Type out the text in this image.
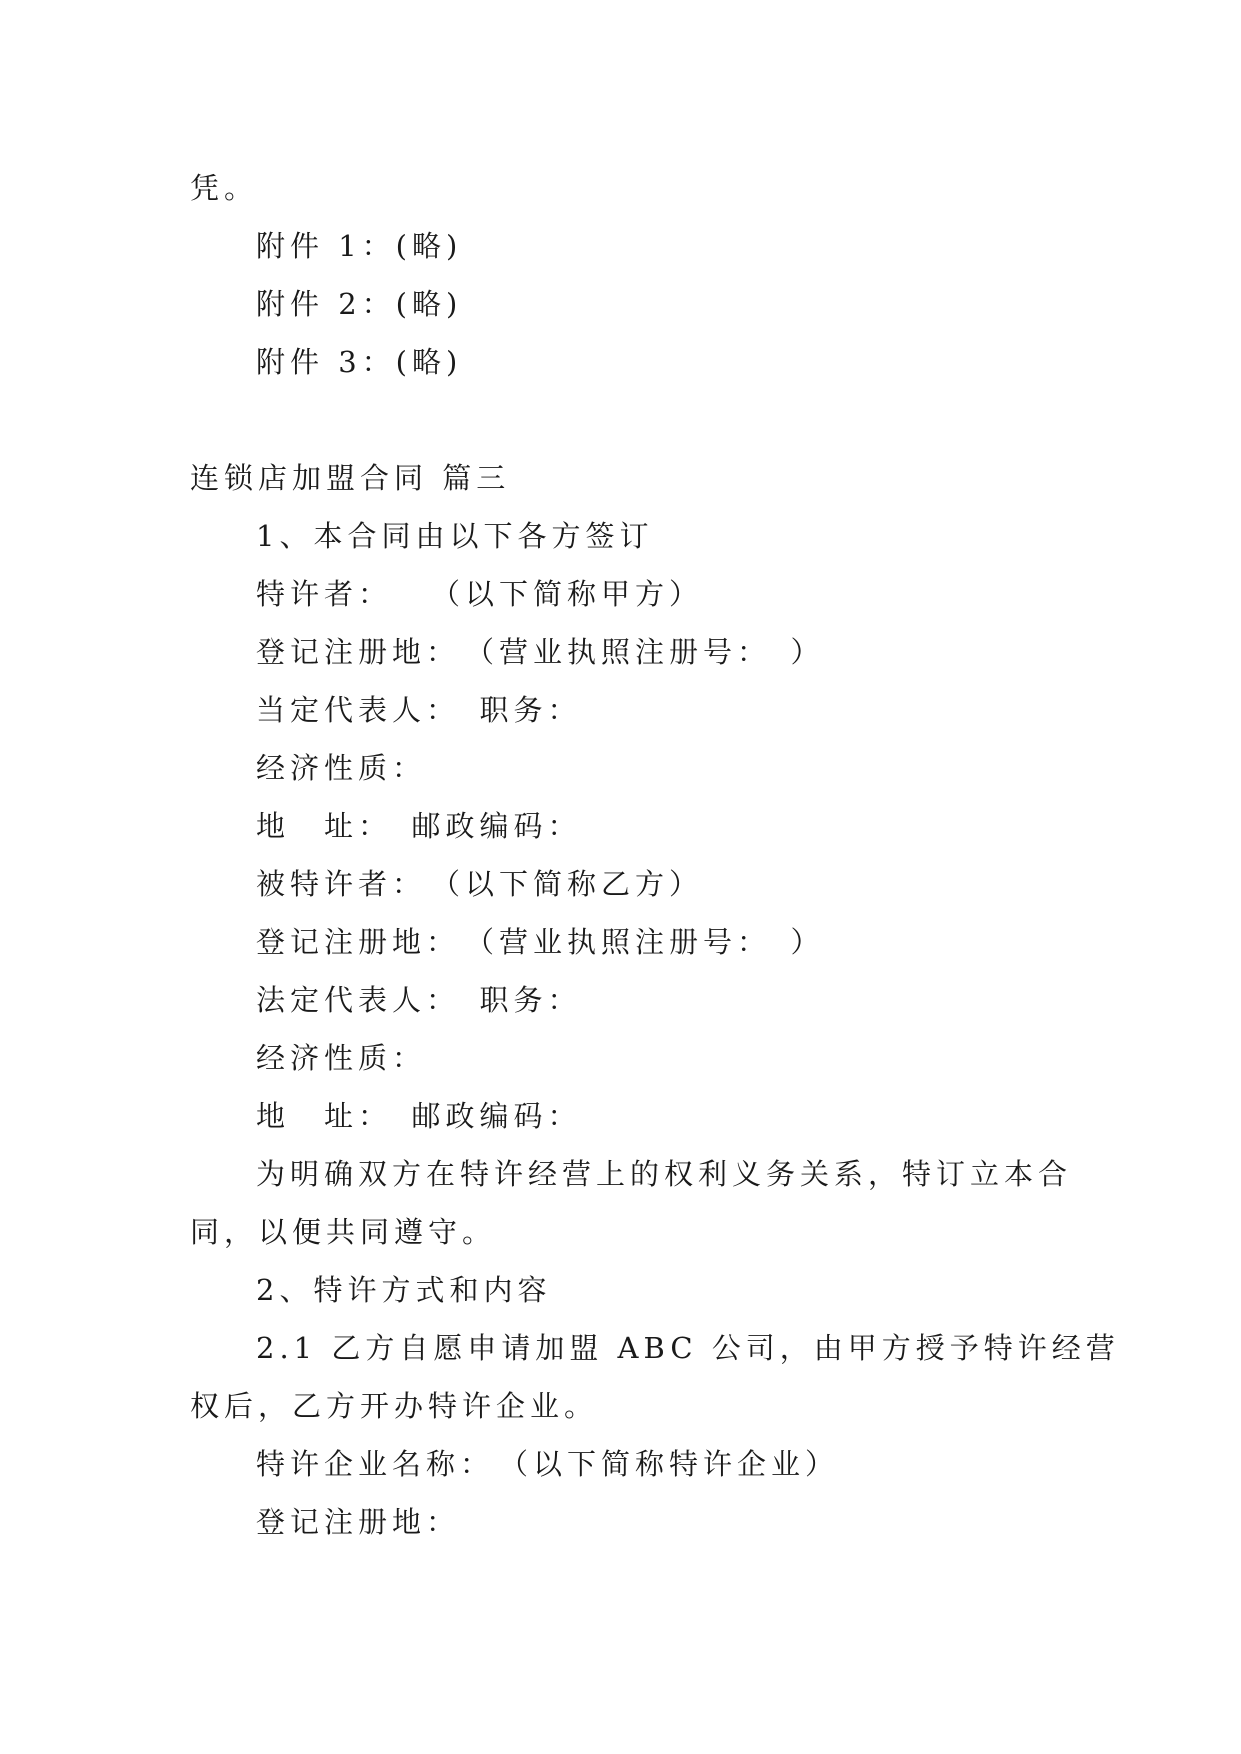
凭。
附件 1：(略)
附件 2：(略)
附件 3：(略)
连锁店加盟合同 篇三
1、本合同由以下各方签订
特许者：　　（以下简称甲方）
登记注册地：　（营业执照注册号：　）
当定代表人：　职务：
经济性质：
地　址：　邮政编码：
被特许者：　（以下简称乙方）
登记注册地：　（营业执照注册号：　）
法定代表人：　职务：
经济性质：
地　址：　邮政编码：
为明确双方在特许经营上的权利义务关系，特订立本合
同，以便共同遵守。
2、特许方式和内容
2.1 乙方自愿申请加盟 ABC 公司，由甲方授予特许经营
权后，乙方开办特许企业。
特许企业名称：　（以下简称特许企业）
登记注册地：
